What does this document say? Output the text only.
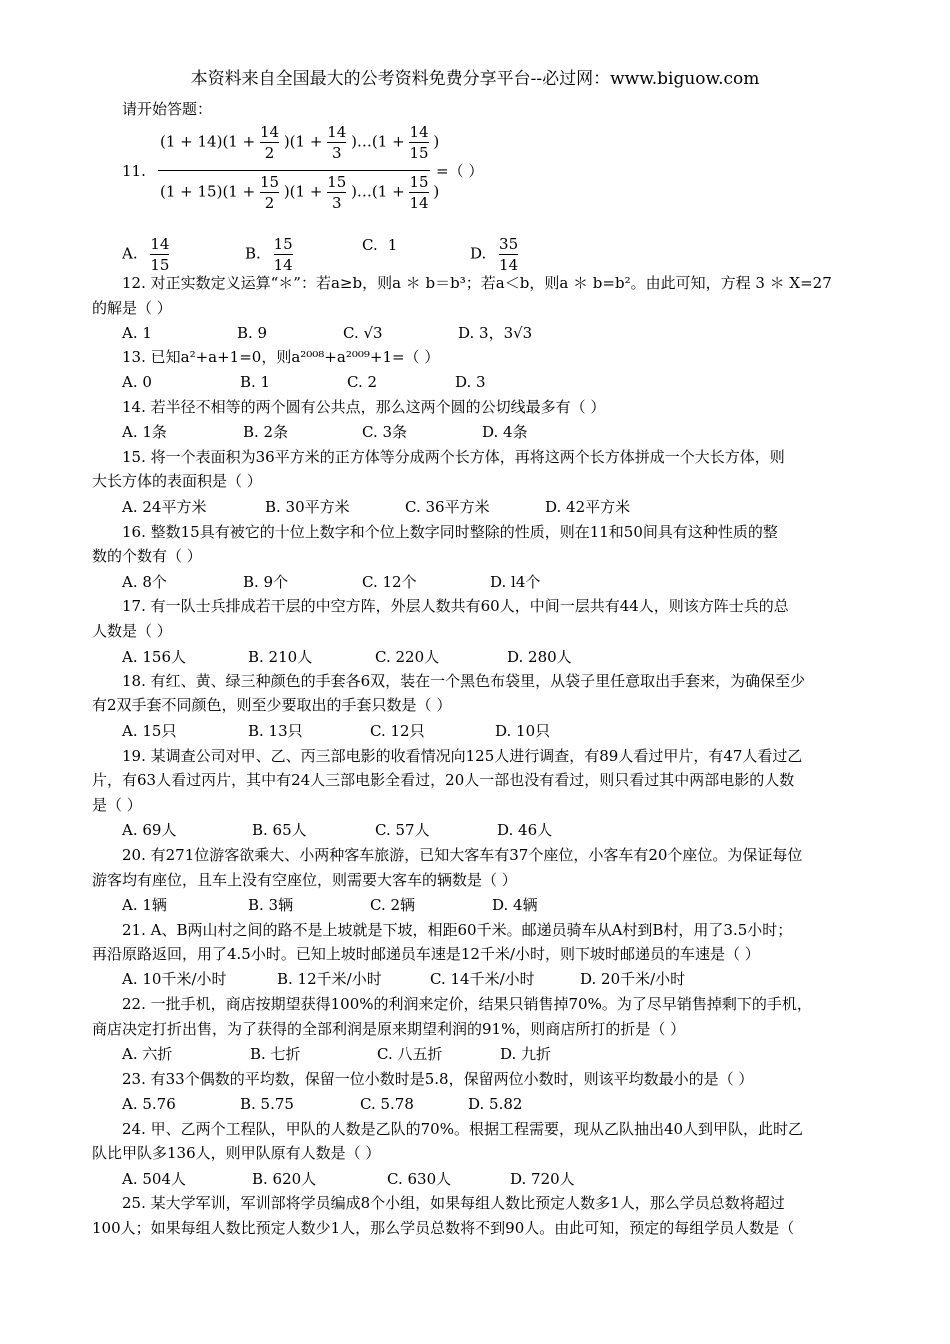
本资料来自全国最大的公考资料免费分享平台--必过网：www.biguow.com
请开始答题：
11.
$(1 + 14)(1 + \frac{14}{2} )(1 + \frac{14}{3}$ )…(1 + $\frac{14}{15}$ )
$(1 + 15)(1 + \frac{15}{2} )(1 + \frac{15}{3}$ )…(1 + $\frac{15}{14}$ )
=（ ）
A. $\frac{14}{15}$	B. $\frac{15}{14}$	C. 1	D. $\frac{35}{14}$
12. 对正实数定义运算“＊”：若a≥b，则a ＊ b＝b³；若a＜b，则a ＊ b=b²。由此可知，方程 3 ＊ X=27
的解是（ ）
A. 1	B. 9	C. √3	D. 3，3√3
13. 已知a²+a+1=0，则a²⁰⁰⁸+a²⁰⁰⁹+1=（ ）
A. 0	B. 1	C. 2	D. 3
14. 若半径不相等的两个圆有公共点，那么这两个圆的公切线最多有（ ）
A. 1条	B. 2条	C. 3条	D. 4条
15. 将一个表面积为36平方米的正方体等分成两个长方体，再将这两个长方体拼成一个大长方体，则
大长方体的表面积是（ ）
A. 24平方米	B. 30平方米	C. 36平方米	D. 42平方米
16. 整数15具有被它的十位上数字和个位上数字同时整除的性质，则在11和50间具有这种性质的整
数的个数有（ ）
A. 8个	B. 9个	C. 12个	D. l4个
17. 有一队士兵排成若干层的中空方阵，外层人数共有60人，中间一层共有44人，则该方阵士兵的总
人数是（ ）
A. 156人	B. 210人	C. 220人	D. 280人
18. 有红、黄、绿三种颜色的手套各6双，装在一个黑色布袋里，从袋子里任意取出手套来，为确保至少
有2双手套不同颜色，则至少要取出的手套只数是（ ）
A. 15只	B. 13只	C. 12只	D. 10只
19. 某调查公司对甲、乙、丙三部电影的收看情况向125人进行调查，有89人看过甲片，有47人看过乙
片，有63人看过丙片，其中有24人三部电影全看过，20人一部也没有看过，则只看过其中两部电影的人数
是（ ）
A. 69人	B. 65人	C. 57人	D. 46人
20. 有271位游客欲乘大、小两种客车旅游，已知大客车有37个座位，小客车有20个座位。为保证每位
游客均有座位，且车上没有空座位，则需要大客车的辆数是（ ）
A. 1辆	B. 3辆	C. 2辆	D. 4辆
21. A、B两山村之间的路不是上坡就是下坡，相距60千米。邮递员骑车从A村到B村，用了3.5小时；
再沿原路返回，用了4.5小时。已知上坡时邮递员车速是12千米/小时，则下坡时邮递员的车速是（ ）
A. 10千米/小时	B. 12千米/小时	C. 14千米/小时	D. 20千米/小时
22. 一批手机，商店按期望获得100%的利润来定价，结果只销售掉70%。为了尽早销售掉剩下的手机，
商店决定打折出售，为了获得的全部利润是原来期望利润的91%，则商店所打的折是（ ）
A. 六折	B. 七折	C. 八五折	D. 九折
23. 有33个偶数的平均数，保留一位小数时是5.8，保留两位小数时，则该平均数最小的是（ ）
A. 5.76	B. 5.75	C. 5.78	D. 5.82
24. 甲、乙两个工程队，甲队的人数是乙队的70%。根据工程需要，现从乙队抽出40人到甲队，此时乙
队比甲队多136人，则甲队原有人数是（ ）
A. 504人	B. 620人	C. 630人	D. 720人
25. 某大学军训，军训部将学员编成8个小组，如果每组人数比预定人数多1人，那么学员总数将超过
100人；如果每组人数比预定人数少1人，那么学员总数将不到90人。由此可知，预定的每组学员人数是（
